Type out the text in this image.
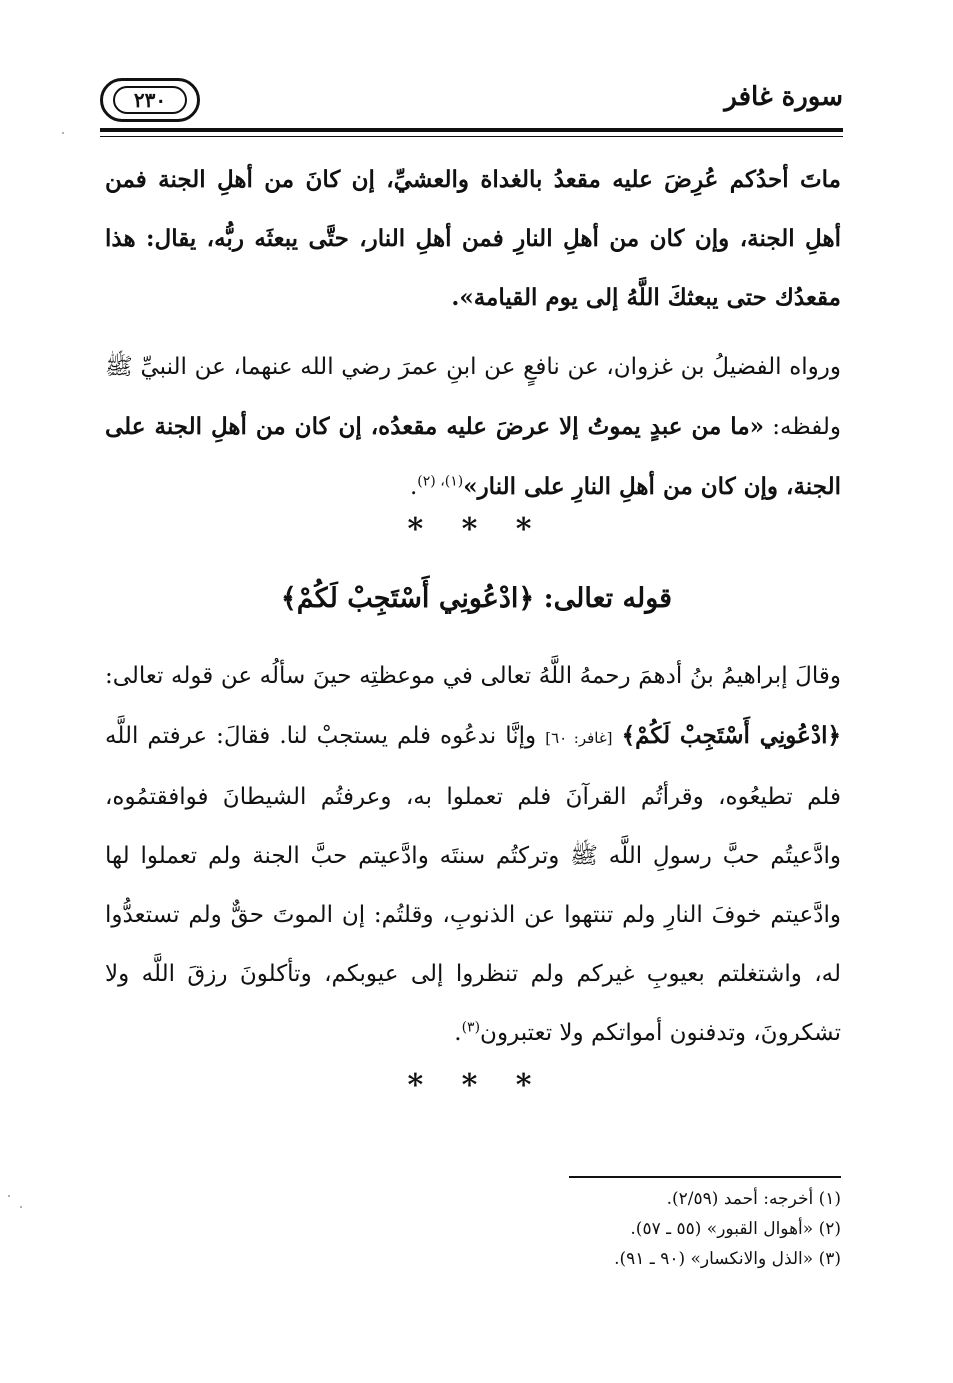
سورة غافر
٢٣٠
ماتَ أحدُكم عُرِضَ عليه مقعدُ بالغداة والعشيِّ، إن كانَ من أهلِ الجنة فمن أهلِ الجنة، وإن كان من أهلِ النارِ فمن أهلِ النار، حتَّى يبعثَه ربُّه، يقال: هذا مقعدُك حتى يبعثكَ اللَّهُ إلى يوم القيامة».
ورواه الفضيلُ بن غزوان، عن نافعٍ عن ابنِ عمرَ رضي الله عنهما، عن النبيِّ ﷺ ولفظه: «ما من عبدٍ يموتُ إلا عرضَ عليه مقعدُه، إن كان من أهلِ الجنة على الجنة، وإن كان من أهلِ النارِ على النار»$^{(١)، (٢)}$.
* * *
قوله تعالى: ﴿ادْعُونِي أَسْتَجِبْ لَكُمْ﴾
وقالَ إبراهيمُ بنُ أدهمَ رحمهُ اللَّهُ تعالى في موعظتِه حينَ سألُه عن قوله تعالى: ﴿ادْعُونِي أَسْتَجِبْ لَكُمْ﴾ [غافر: ٦٠] وإنَّا ندعُوه فلم يستجبْ لنا. فقالَ: عرفتم اللَّه فلم تطيعُوه، وقرأتُم القرآنَ فلم تعملوا به، وعرفتُم الشيطانَ فوافقتمُوه، وادَّعيتُم حبَّ رسولِ اللَّه ﷺ وتركتُم سنتَه وادَّعيتم حبَّ الجنة ولم تعملوا لها وادَّعيتم خوفَ النارِ ولم تنتهوا عن الذنوبِ، وقلتُم: إن الموتَ حقٌّ ولم تستعدُّوا له، واشتغلتم بعيوبِ غيركم ولم تنظروا إلى عيوبكم، وتأكلونَ رزقَ اللَّه ولا تشكرونَ، وتدفنون أمواتكم ولا تعتبرون$^{(٣)}$.
* * *
(١) أخرجه: أحمد (٢/٥٩).
(٢) «أهوال القبور» (٥٥ ـ ٥٧).
(٣) «الذل والانكسار» (٩٠ ـ ٩١).
